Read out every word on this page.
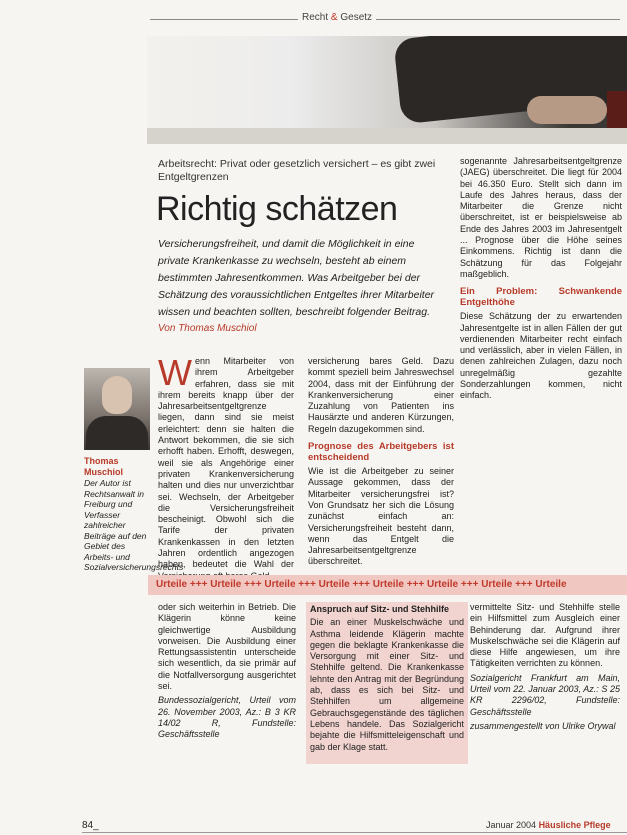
Recht & Gesetz
Arbeitsrecht: Privat oder gesetzlich versichert – es gibt zwei Entgeltgrenzen
Richtig schätzen
Versicherungsfreiheit, und damit die Möglichkeit in eine private Krankenkasse zu wechseln, besteht ab einem bestimmten Jahresentkommen. Was Arbeitgeber bei der Schätzung des voraussichtlichen Entgeltes ihrer Mitarbeiter wissen und beachten sollten, beschreibt folgender Beitrag.
Von Thomas Muschiol
Thomas Muschiol
Der Autor ist Rechtsanwalt in Freiburg und Verfasser zahlreicher Beiträge auf den Gebiet des Arbeits- und Sozialversicherungsrechts
Wenn Mitarbeiter von ihrem Arbeitgeber erfahren, dass sie mit ihrem bereits knapp über der Jahresarbeitsentgeltgrenze liegen, dann sind sie meist erleichtert: denn sie halten die Antwort bekommen, die sie sich erhofft haben. Erhofft, deswegen, weil sie als Angehörige einer privaten Krankenversicherung halten und dies nur unverzichtbar sei. Wechseln, der Arbeitgeber die Versicherungsfreiheit bescheinigt. Obwohl sich die Tarife der privaten Krankenkassen in den letzten Jahren ordentlich angezogen haben, bedeutet die Wahl der

versicherung bares Geld. Dazu kommt speziell beim Jahreswechsel 2004, dass mit der Einführung der Krankenversicherung einer Zuzahlung von Patienten ins Hausärzte und anderen Kürzungen, Regeln dazugekommen sind.

Prognose des Arbeitgebers ist entscheidend

Wie ist die Arbeitgeber zu seiner Aussage gekommen, dass der Mitarbeiter versicherungsfrei ist? Von Grundsatz her sich die Lösung zunächst einfach an: Versicherungsfreiheit besteht dann, wenn das Entgelt die Jahresarbeitsentgeltgrenze überschreitet.

sogenannte Jahresarbeitsentgeltgrenze (JAEG) überschreitet. Die liegt für 2004 bei 46.350 Euro. Stellt sich dann im Laufe des Jahres heraus, dass der Mitarbeiter die Grenze nicht überschreitet, ist er beispielsweise ab Ende des Jahres 2003 im Jahresentgelt ... Prognose über die Höhe seines Einkommens. Richtig ist dann die Schätzung für das Folgejahr maßgeblich.

Ein Problem: Schwankende Entgelthöhe

Diese Schätzung der zu erwartenden Jahresentgelte ist in allen Fällen der gut verdienenden Mitarbeiter recht einfach und verlässlich, aber in vielen Fällen, in denen zahlreichen Zulagen, dazu noch unregelmäßig gezahlte Sonderzahlungen kommen, nicht einfach.

Urteile +++ Urteile +++ Urteile +++ Urteile +++ Urteile +++ Urteile +++ Urteile +++ Urteile

oder sich weiterhin in Betrieb. Die Klägerin könne keine gleichwertige Ausbildung vorweisen. Die Ausbildung einer Rettungsassistentin unterscheide sich wesentlich, da sie primär auf die Notfallversorgung ausgerichtet sei.

Bundessozialgericht, Urteil vom 26. November 2003, Az.: B 3 KR 14/02 R, Fundstelle: Geschäftsstelle

Anspruch auf Sitz- und Stehhilfe

Die an einer Muskelschwäche und Asthma leidende Klägerin machte gegen die beklagte Krankenkasse die Versorgung mit einer Sitz- und Stehhilfe geltend. Die Krankenkasse lehnte den Antrag mit der Begründung ab, dass es sich bei Sitz- und Stehhilfen um allgemeine Gebrauchsgegenstände des täglichen Lebens handele. Das Sozialgericht bejahte die Hilfsmitteleigenschaft und gab der Klage statt.

vermittelte Sitz- und Stehhilfe stelle ein Hilfsmittel zum Ausgleich einer Behinderung dar. Aufgrund ihrer Muskelschwäche sei die Klägerin auf diese Hilfe angewiesen, um ihre Tätigkeiten verrichten zu können.

Sozialgericht Frankfurt am Main, Urteil vom 22. Januar 2003, Az.: S 25 KR 2296/02, Fundstelle: Geschäftsstelle

zusammengestellt von Ulrike Orywal

84_	Januar 2004 Häusliche Pflege
